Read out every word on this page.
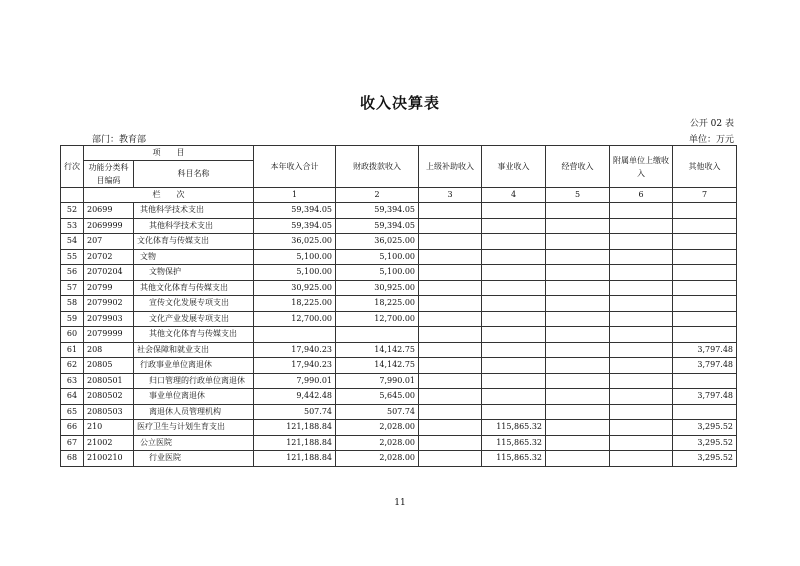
收入决算表
公开 02 表
部门：教育部	单位：万元
行次	项　　目		本年收入合计	财政拨款收入	上级补助收入	事业收入	经营收入	附属单位上缴收入	其他收入
	功能分类科目编码	科目名称							

	栏　　次		1	2	3	4	5	6	7
52	20699	其他科学技术支出	59,394.05	59,394.05					
53	2069999	其他科学技术支出	59,394.05	59,394.05					
54	207	文化体育与传媒支出	36,025.00	36,025.00					
55	20702	文物	5,100.00	5,100.00					
56	2070204	文物保护	5,100.00	5,100.00					
57	20799	其他文化体育与传媒支出	30,925.00	30,925.00					
58	2079902	宣传文化发展专项支出	18,225.00	18,225.00					
59	2079903	文化产业发展专项支出	12,700.00	12,700.00					
60	2079999	其他文化体育与传媒支出							
61	208	社会保障和就业支出	17,940.23	14,142.75					3,797.48
62	20805	行政事业单位离退休	17,940.23	14,142.75					3,797.48
63	2080501	归口管理的行政单位离退休	7,990.01	7,990.01					
64	2080502	事业单位离退休	9,442.48	5,645.00					3,797.48
65	2080503	离退休人员管理机构	507.74	507.74					
66	210	医疗卫生与计划生育支出	121,188.84	2,028.00		115,865.32			3,295.52
67	21002	公立医院	121,188.84	2,028.00		115,865.32			3,295.52
68	2100210	行业医院	121,188.84	2,028.00		115,865.32			3,295.52
11
